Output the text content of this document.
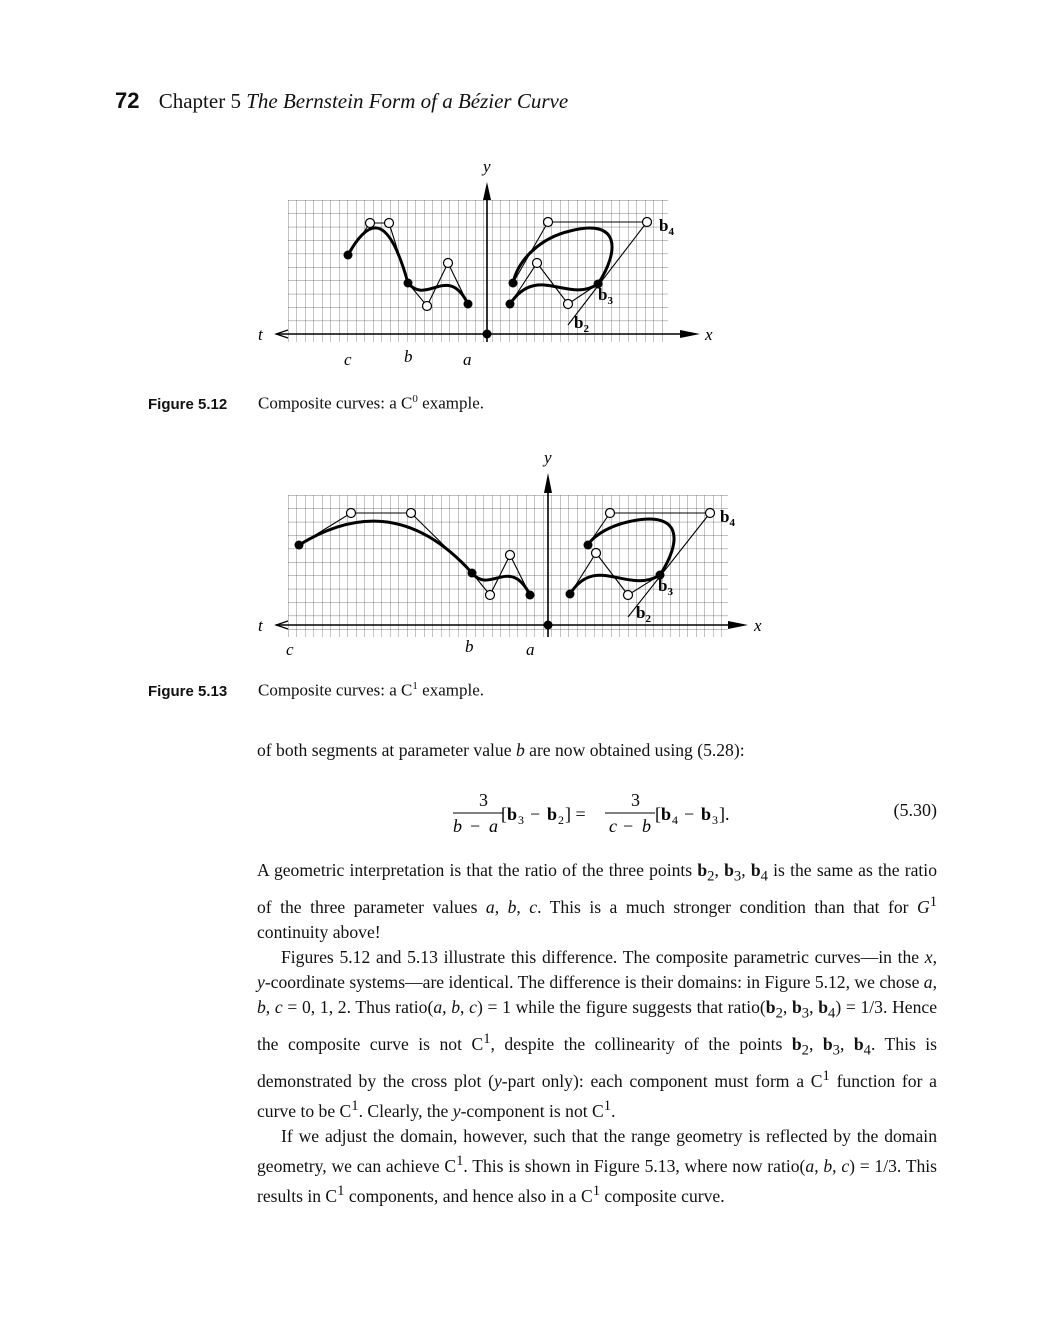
72 Chapter 5 The Bernstein Form of a Bézier Curve
y
x
t
c	b	a
$b_4$
$b_3$
$b_2$
Figure 5.12 Composite curves: a $C^0$ example.
y
x
t
c	b	a
$b_4$
$b_3$
$b_2$
Figure 5.13 Composite curves: a $C^1$ example.

of both segments at parameter value b are now obtained using (5.28):

3
b − a
[ b 3 − b 2 ] =
3
c − b
[ b 4 − b 3 ].	(5.30)

A geometric interpretation is that the ratio of the three points $b_2$, $b_3$, $b_4$ is the same as the ratio of the three parameter values a, b, c. This is a much stronger condition than that for $G^1$ continuity above!

Figures 5.12 and 5.13 illustrate this difference. The composite parametric curves—in the x, y-coordinate systems—are identical. The difference is their domains: in Figure 5.12, we chose a, b, c = 0, 1, 2. Thus ratio(a, b, c) = 1 while the figure suggests that $ratio(b_2$, $b_3$, $b_4) = 1/3$. Hence the composite curve is not $C^1$, despite the collinearity of the points $b_2$, $b_3$, $b_4$. This is demonstrated by the cross plot (y-part only): each component must form a $C^1$ function for a curve to be $C^1$. Clearly, the y-component is not $C^1$.

If we adjust the domain, however, such that the range geometry is reflected by the domain geometry, we can achieve $C^1$. This is shown in Figure 5.13, where now ratio(a, b, c) = 1/3. This results in $C^1$ components, and hence also in a $C^1$ composite curve.
